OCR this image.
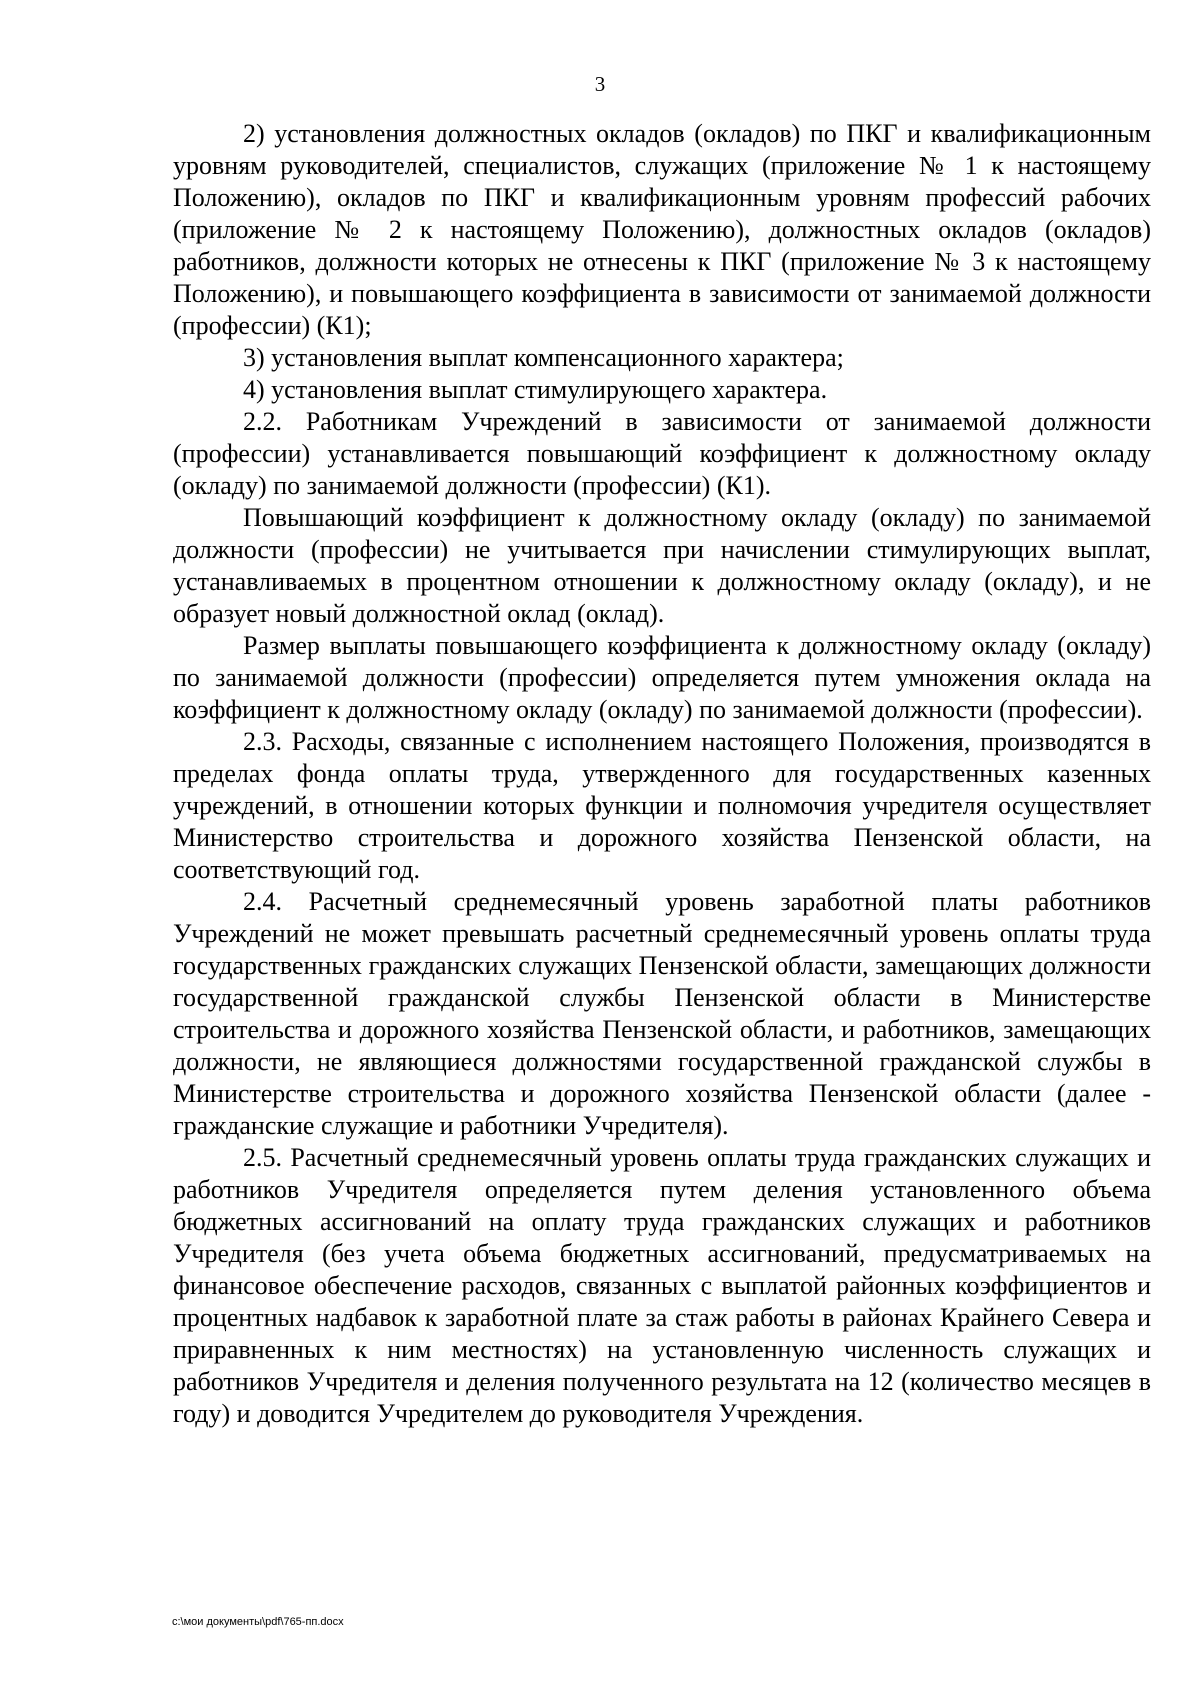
3

2) установления должностных окладов (окладов) по ПКГ и квалификационным уровням руководителей, специалистов, служащих (приложение № 1 к настоящему Положению), окладов по ПКГ и квалификационным уровням профессий рабочих (приложение № 2 к настоящему Положению), должностных окладов (окладов) работников, должности которых не отнесены к ПКГ (приложение № 3 к настоящему Положению), и повышающего коэффициента в зависимости от занимаемой должности (профессии) (К1);

3) установления выплат компенсационного характера;

4) установления выплат стимулирующего характера.

2.2. Работникам Учреждений в зависимости от занимаемой должности (профессии) устанавливается повышающий коэффициент к должностному окладу (окладу) по занимаемой должности (профессии) (К1).

Повышающий коэффициент к должностному окладу (окладу) по занимаемой должности (профессии) не учитывается при начислении стимулирующих выплат, устанавливаемых в процентном отношении к должностному окладу (окладу), и не образует новый должностной оклад (оклад).

Размер выплаты повышающего коэффициента к должностному окладу (окладу) по занимаемой должности (профессии) определяется путем умножения оклада на коэффициент к должностному окладу (окладу) по занимаемой должности (профессии).

2.3. Расходы, связанные с исполнением настоящего Положения, производятся в пределах фонда оплаты труда, утвержденного для государственных казенных учреждений, в отношении которых функции и полномочия учредителя осуществляет Министерство строительства и дорожного хозяйства Пензенской области, на соответствующий год.

2.4. Расчетный среднемесячный уровень заработной платы работников Учреждений не может превышать расчетный среднемесячный уровень оплаты труда государственных гражданских служащих Пензенской области, замещающих должности государственной гражданской службы Пензенской области в Министерстве строительства и дорожного хозяйства Пензенской области, и работников, замещающих должности, не являющиеся должностями государственной гражданской службы в Министерстве строительства и дорожного хозяйства Пензенской области (далее - гражданские служащие и работники Учредителя).

2.5. Расчетный среднемесячный уровень оплаты труда гражданских служащих и работников Учредителя определяется путем деления установленного объема бюджетных ассигнований на оплату труда гражданских служащих и работников Учредителя (без учета объема бюджетных ассигнований, предусматриваемых на финансовое обеспечение расходов, связанных с выплатой районных коэффициентов и процентных надбавок к заработной плате за стаж работы в районах Крайнего Севера и приравненных к ним местностях) на установленную численность служащих и работников Учредителя и деления полученного результата на 12 (количество месяцев в году) и доводится Учредителем до руководителя Учреждения.

c:\мои документы\pdf\765-пп.docx
